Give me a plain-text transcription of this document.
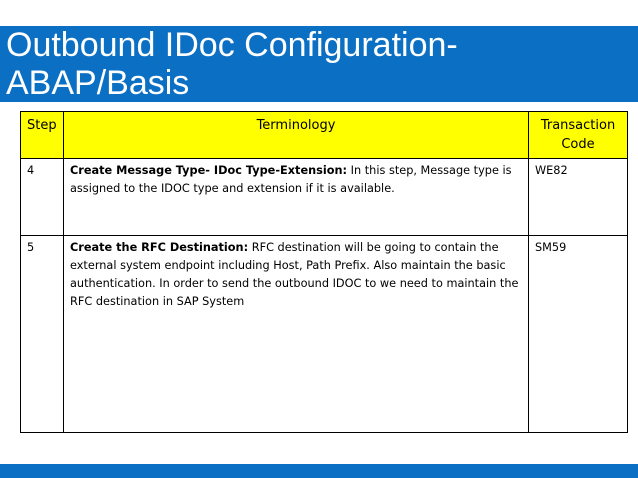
Outbound IDoc Configuration-
ABAP/Basis
Step	Terminology	Transaction Code
4	Create Message Type- IDoc Type-Extension: In this step, Message type is assigned to the IDOC type and extension if it is available.	WE82
5	Create the RFC Destination: RFC destination will be going to contain the external system endpoint including Host, Path Prefix. Also maintain the basic authentication. In order to send the outbound IDOC to we need to maintain the RFC destination in SAP System	SM59
